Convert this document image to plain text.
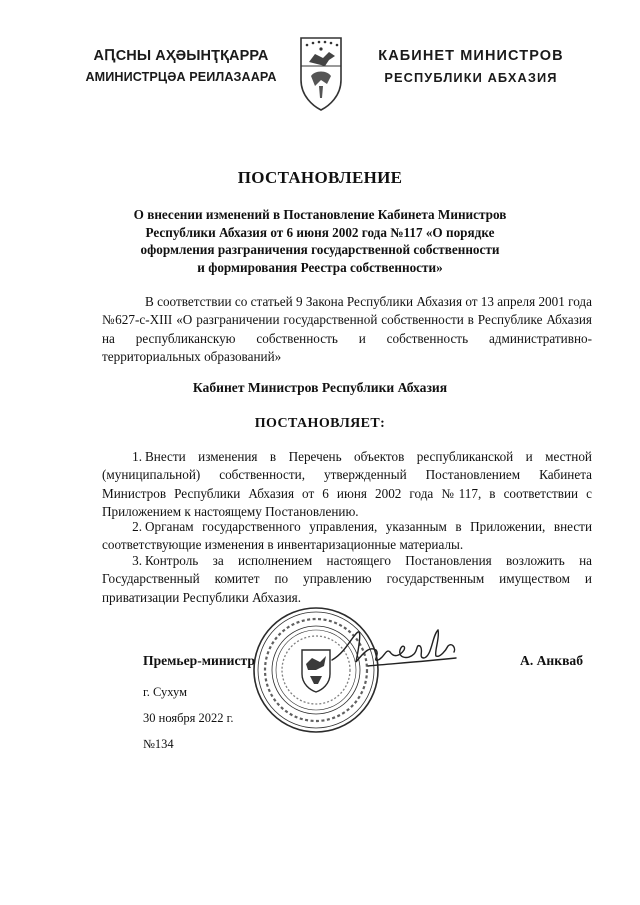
АԤСНЫ АҲӘЫНҬҚАРРА
АМИНИСТРЦӘА РЕИЛАЗААРА
КАБИНЕТ МИНИСТРОВ
РЕСПУБЛИКИ АБХАЗИЯ
ПОСТАНОВЛЕНИЕ
О внесении изменений в Постановление Кабинета Министров
Республики Абхазия от 6 июня 2002 года №117 «О порядке
оформления разграничения государственной собственности
и формирования Реестра собственности»
В соответствии со статьей 9 Закона Республики Абхазия от 13 апреля 2001 года №627-с-XIII «О разграничении государственной собственности в Республике Абхазия на республиканскую собственность и собственность административно-территориальных образований»
Кабинет Министров Республики Абхазия
ПОСТАНОВЛЯЕТ:
1. Внести изменения в Перечень объектов республиканской и местной (муниципальной) собственности, утвержденный Постановлением Кабинета Министров Республики Абхазия от 6 июня 2002 года №117, в соответствии с Приложением к настоящему Постановлению.
2. Органам государственного управления, указанным в Приложении, внести соответствующие изменения в инвентаризационные материалы.
3. Контроль за исполнением настоящего Постановления возложить на Государственный комитет по управлению государственным имуществом и приватизации Республики Абхазия.
Премьер-министр	А. Анкваб
г. Сухум
30 ноября 2022 г.
№134
